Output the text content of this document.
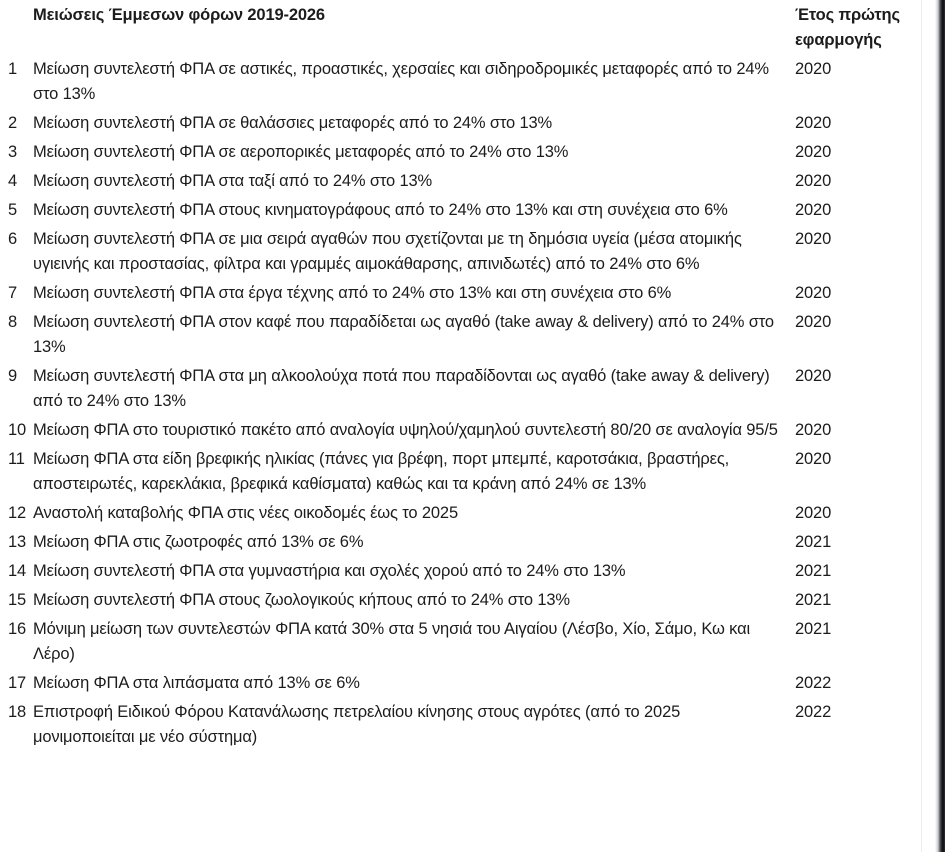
	Μειώσεις Έμμεσων φόρων 2019-2026	Έτος πρώτης εφαρμογής
1	Μείωση συντελεστή ΦΠΑ σε αστικές, προαστικές, χερσαίες και σιδηροδρομικές μεταφορές από το 24% στο 13%	2020
2	Μείωση συντελεστή ΦΠΑ σε θαλάσσιες μεταφορές από το 24% στο 13%	2020
3	Μείωση συντελεστή ΦΠΑ σε αεροπορικές μεταφορές από το 24% στο 13%	2020
4	Μείωση συντελεστή ΦΠΑ στα ταξί από το 24% στο 13%	2020
5	Μείωση συντελεστή ΦΠΑ στους κινηματογράφους από το 24% στο 13% και στη συνέχεια στο 6%	2020
6	Μείωση συντελεστή ΦΠΑ σε μια σειρά αγαθών που σχετίζονται με τη δημόσια υγεία (μέσα ατομικής υγιεινής και προστασίας, φίλτρα και γραμμές αιμοκάθαρσης, απινιδωτές) από το 24% στο 6%	2020
7	Μείωση συντελεστή ΦΠΑ στα έργα τέχνης από το 24% στο 13% και στη συνέχεια στο 6%	2020
8	Μείωση συντελεστή ΦΠΑ στον καφέ που παραδίδεται ως αγαθό (take away & delivery) από το 24% στο 13%	2020
9	Μείωση συντελεστή ΦΠΑ στα μη αλκοολούχα ποτά που παραδίδονται ως αγαθό (take away & delivery) από το 24% στο 13%	2020
10	Μείωση ΦΠΑ στο τουριστικό πακέτο από αναλογία υψηλού/χαμηλού συντελεστή 80/20 σε αναλογία 95/5	2020
11	Μείωση ΦΠΑ στα είδη βρεφικής ηλικίας (πάνες για βρέφη, πορτ μπεμπέ, καροτσάκια, βραστήρες, αποστειρωτές, καρεκλάκια, βρεφικά καθίσματα) καθώς και τα κράνη από 24% σε 13%	2020
12	Αναστολή καταβολής ΦΠΑ στις νέες οικοδομές έως το 2025	2020
13	Μείωση ΦΠΑ στις ζωοτροφές από 13% σε 6%	2021
14	Μείωση συντελεστή ΦΠΑ στα γυμναστήρια και σχολές χορού από το 24% στο 13%	2021
15	Μείωση συντελεστή ΦΠΑ στους ζωολογικούς κήπους από το 24% στο 13%	2021
16	Μόνιμη μείωση των συντελεστών ΦΠΑ κατά 30% στα 5 νησιά του Αιγαίου (Λέσβο, Χίο, Σάμο, Κω και Λέρο)	2021
17	Μείωση ΦΠΑ στα λιπάσματα από 13% σε 6%	2022
18	Επιστροφή Ειδικού Φόρου Κατανάλωσης πετρελαίου κίνησης στους αγρότες (από το 2025 μονιμοποιείται με νέο σύστημα)	2022
